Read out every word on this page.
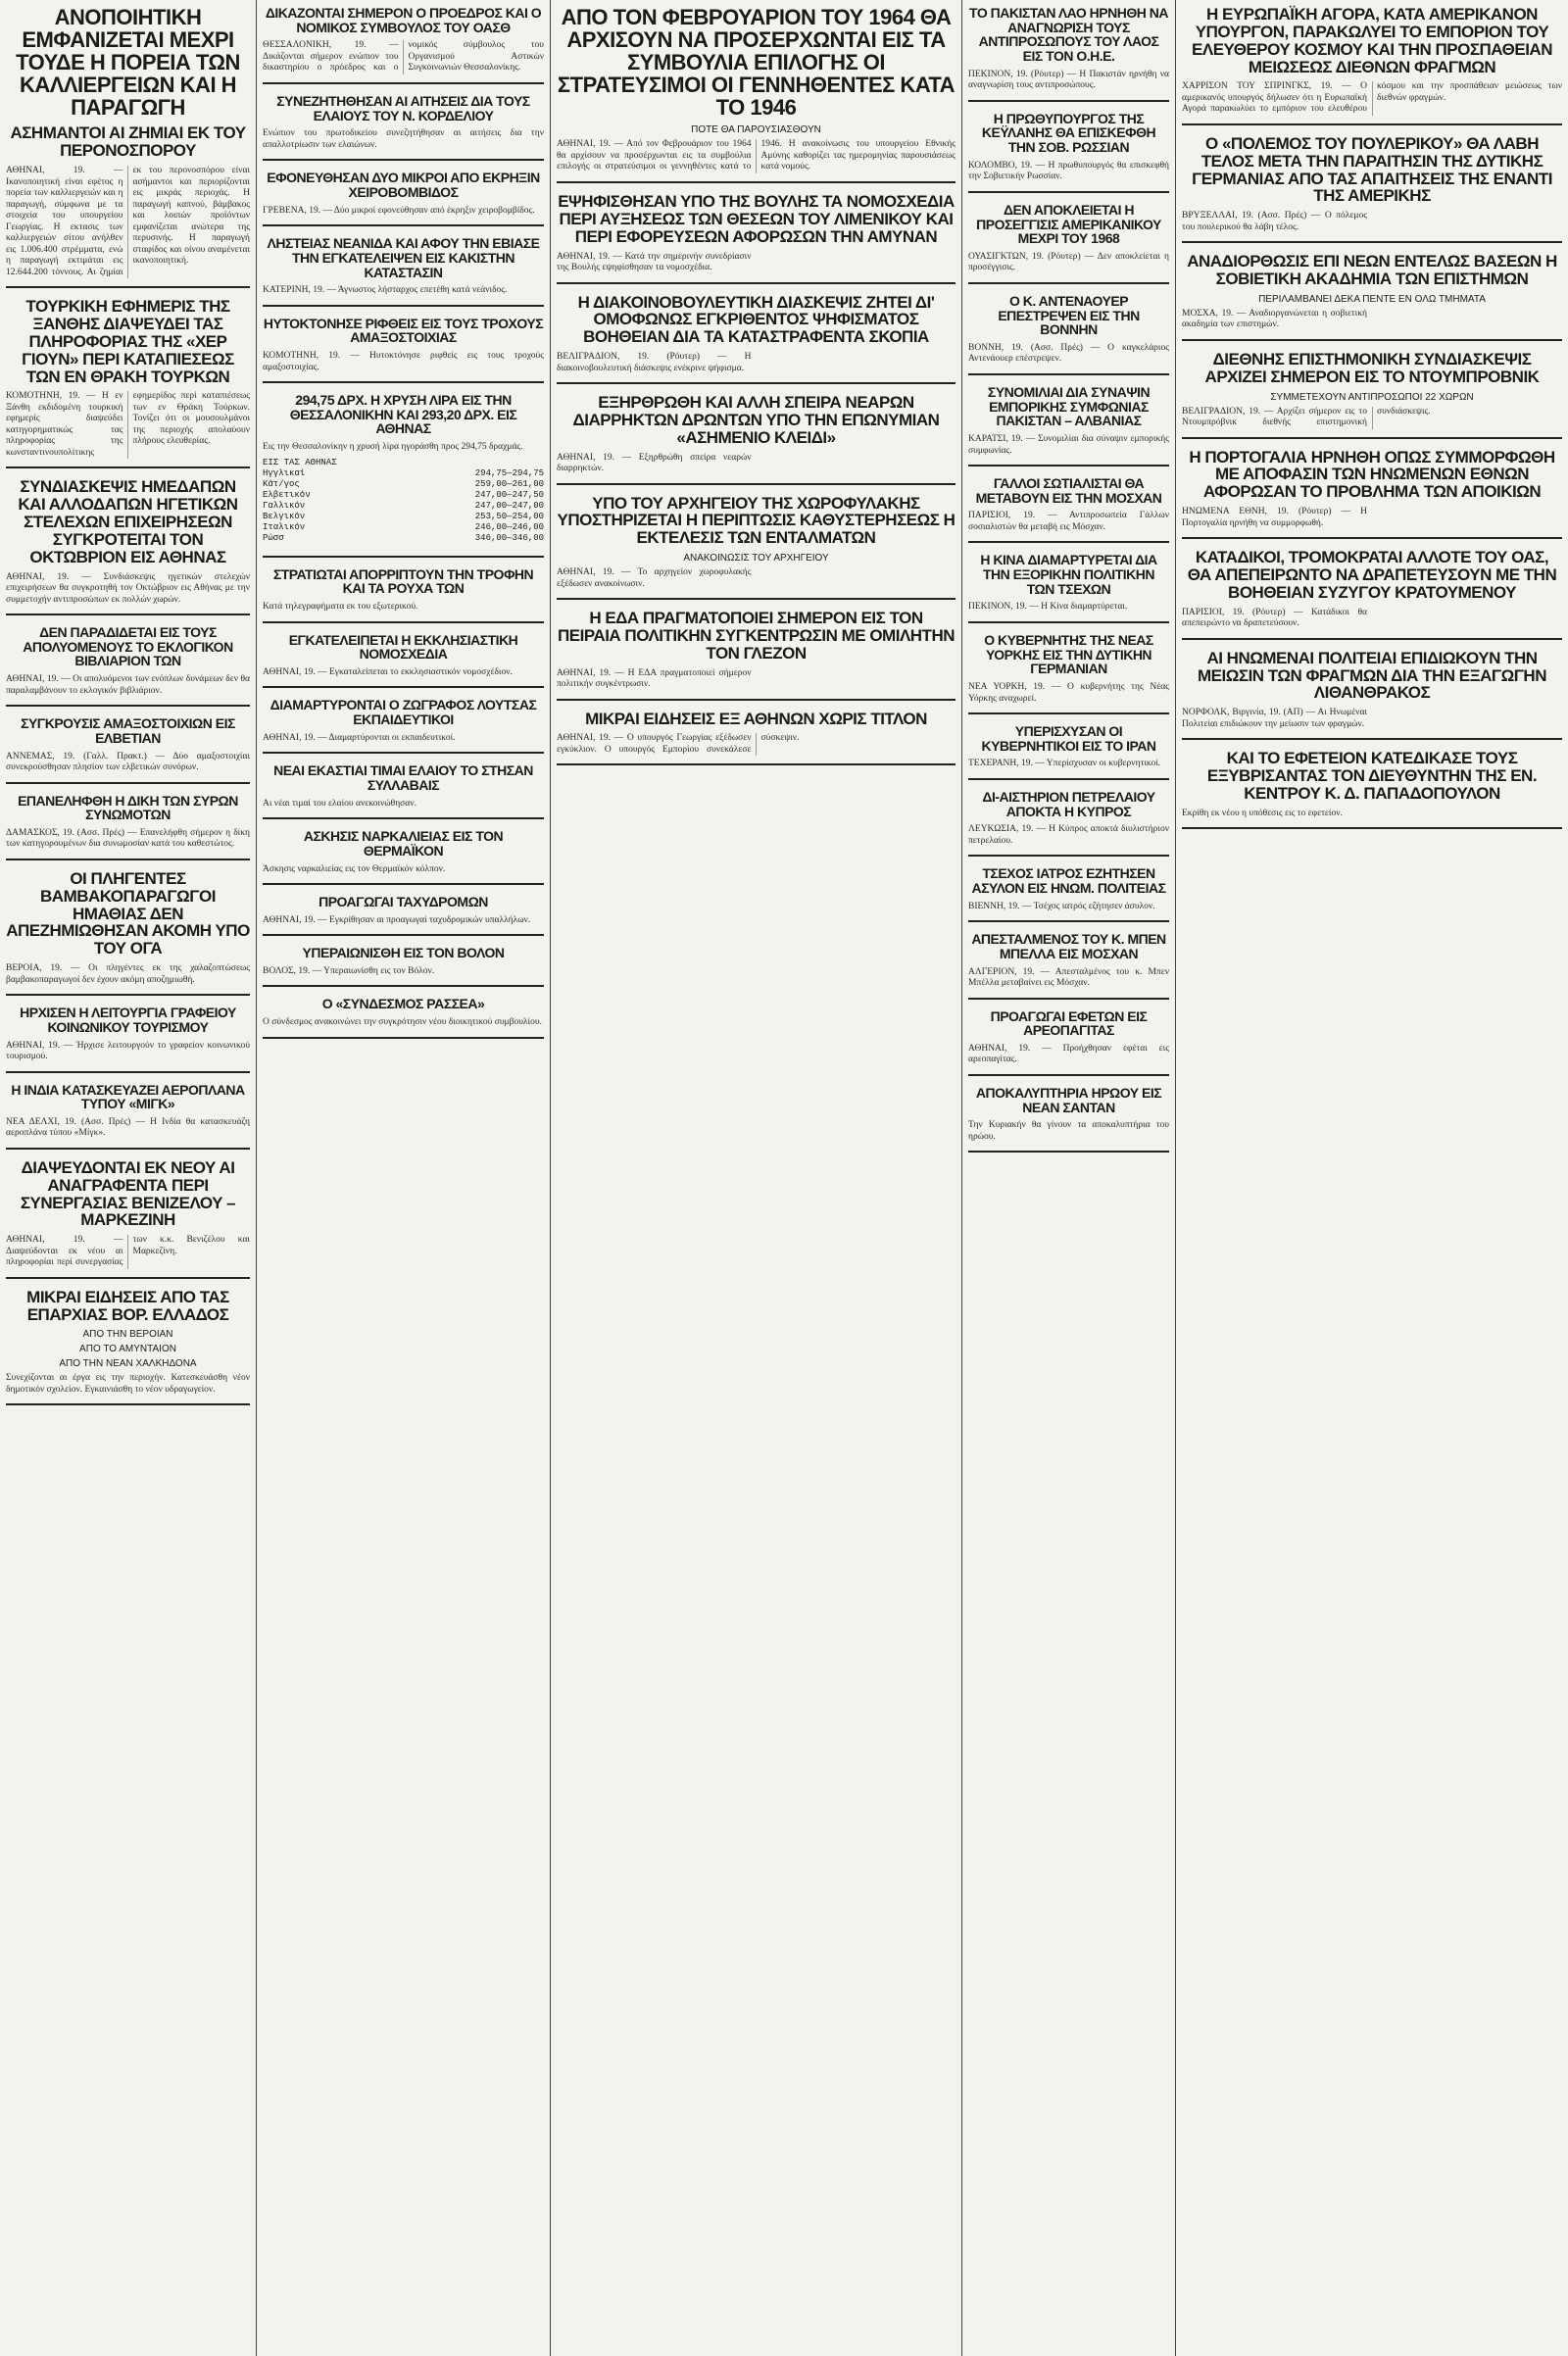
ΑΝΟΠΟΙΗΤΙΚΗ ΕΜΦΑΝΙΖΕΤΑΙ ΜΕΧΡΙ ΤΟΥΔΕ Η ΠΟΡΕΙΑ ΤΩΝ ΚΑΛΛΙΕΡΓΕΙΩΝ ΚΑΙ Η ΠΑΡΑΓΩΓΗ
ΑΣΗΜΑΝΤΟΙ ΑΙ ΖΗΜΙΑΙ ΕΚ ΤΟΥ ΠΕΡΟΝΟΣΠΟΡΟΥ

ΑΘΗΝΑΙ, 19. — Ικανοποιητική είναι εφέτος η πορεία των καλλιεργειών και η παραγωγή, σύμφωνα με τα στοιχεία του υπουργείου Γεωργίας. Η εκτασις των καλλιεργειών σίτου ανήλθεν εις 1.006.400 στρέμματα, ενώ η παραγωγή εκτιμάται εις 12.644.200 τόννους. Αι ζημίαι εκ του περονοσπόρου είναι ασήμαντοι και περιορίζονται εις μικράς περιοχάς. Η παραγωγή καπνού, βάμβακος και λοιπών προϊόντων εμφανίζεται ανώτερα της περυσινής. Η παραγωγή σταφίδος και οίνου αναμένεται ικανοποιητική.

ΤΟΥΡΚΙΚΗ ΕΦΗΜΕΡΙΣ ΤΗΣ ΞΑΝΘΗΣ ΔΙΑΨΕΥΔΕΙ ΤΑΣ ΠΛΗΡΟΦΟΡΙΑΣ ΤΗΣ «ΧΕΡ ΓΙΟΥΝ» ΠΕΡΙ ΚΑΤΑΠΙΕΣΕΩΣ ΤΩΝ ΕΝ ΘΡΑΚΗ ΤΟΥΡΚΩΝ

ΚΟΜΟΤΗΝΗ, 19. — Η εν Ξάνθη εκδιδομένη τουρκική εφημερίς διαψεύδει κατηγορηματικώς τας πληροφορίας της κωνσταντινουπολίτικης εφημερίδος περί καταπιέσεως των εν Θράκη Τούρκων. Τονίζει ότι οι μουσουλμάνοι της περιοχής απολαύουν πλήρους ελευθερίας.

ΣΥΝΔΙΑΣΚΕΨΙΣ ΗΜΕΔΑΠΩΝ ΚΑΙ ΑΛΛΟΔΑΠΩΝ ΗΓΕΤΙΚΩΝ ΣΤΕΛΕΧΩΝ ΕΠΙΧΕΙΡΗΣΕΩΝ ΣΥΓΚΡΟΤΕΙΤΑΙ ΤΟΝ ΟΚΤΩΒΡΙΟΝ ΕΙΣ ΑΘΗΝΑΣ

ΑΘΗΝΑΙ, 19. — Συνδιάσκεψις ηγετικών στελεχών επιχειρήσεων θα συγκροτηθή τον Οκτώβριον εις Αθήνας με την συμμετοχήν αντιπροσώπων εκ πολλών χωρών.

ΔΕΝ ΠΑΡΑΔΙΔΕΤΑΙ ΕΙΣ ΤΟΥΣ ΑΠΟΛΥΟΜΕΝΟΥΣ ΤΟ ΕΚΛΟΓΙΚΟΝ ΒΙΒΛΙΑΡΙΟΝ ΤΩΝ

ΑΘΗΝΑΙ, 19. — Οι απολυόμενοι των ενόπλων δυνάμεων δεν θα παραλαμβάνουν το εκλογικόν βιβλιάριον.

ΣΥΓΚΡΟΥΣΙΣ ΑΜΑΞΟΣΤΟΙΧΙΩΝ ΕΙΣ ΕΛΒΕΤΙΑΝ

ΑΝΝΕΜΑΣ, 19. (Γαλλ. Πρακτ.) — Δύο αμαξοστοιχίαι συνεκρούσθησαν πλησίον των ελβετικών συνόρων.

ΕΠΑΝΕΛΗΦΘΗ Η ΔΙΚΗ ΤΩΝ ΣΥΡΩΝ ΣΥΝΩΜΟΤΩΝ

ΔΑΜΑΣΚΟΣ, 19. (Ασσ. Πρές) — Επανελήφθη σήμερον η δίκη των κατηγορουμένων δια συνωμοσίαν κατά του καθεστώτος.

ΟΙ ΠΛΗΓΕΝΤΕΣ ΒΑΜΒΑΚΟΠΑΡΑΓΩΓΟΙ ΗΜΑΘΙΑΣ ΔΕΝ ΑΠΕΖΗΜΙΩΘΗΣΑΝ ΑΚΟΜΗ ΥΠΟ ΤΟΥ ΟΓΑ

ΒΕΡΟΙΑ, 19. — Οι πληγέντες εκ της χαλαζοπτώσεως βαμβακοπαραγωγοί δεν έχουν ακόμη αποζημιωθή.

ΗΡΧΙΣΕΝ Η ΛΕΙΤΟΥΡΓΙΑ ΓΡΑΦΕΙΟΥ ΚΟΙΝΩΝΙΚΟΥ ΤΟΥΡΙΣΜΟΥ

ΑΘΗΝΑΙ, 19. — Ήρχισε λειτουργούν το γραφείον κοινωνικού τουρισμού.

Η ΙΝΔΙΑ ΚΑΤΑΣΚΕΥΑΖΕΙ ΑΕΡΟΠΛΑΝΑ ΤΥΠΟΥ «ΜΙΓΚ»

ΝΕΑ ΔΕΛΧΙ, 19. (Ασσ. Πρές) — Η Ινδία θα κατασκευάζη αεροπλάνα τύπου «Μίγκ».

ΔΙΑΨΕΥΔΟΝΤΑΙ ΕΚ ΝΕΟΥ ΑΙ ΑΝΑΓΡΑΦΕΝΤΑ ΠΕΡΙ ΣΥΝΕΡΓΑΣΙΑΣ ΒΕΝΙΖΕΛΟΥ – ΜΑΡΚΕΖΙΝΗ

ΑΘΗΝΑΙ, 19. — Διαψεύδονται εκ νέου αι πληροφορίαι περί συνεργασίας των κ.κ. Βενιζέλου και Μαρκεζίνη.

ΜΙΚΡΑΙ ΕΙΔΗΣΕΙΣ ΑΠΟ ΤΑΣ ΕΠΑΡΧΙΑΣ ΒΟΡ. ΕΛΛΑΔΟΣ
ΑΠΟ ΤΗΝ ΒΕΡΟΙΑΝ
ΑΠΟ ΤΟ ΑΜΥΝΤΑΙΟΝ
ΑΠΟ ΤΗΝ ΝΕΑΝ ΧΑΛΚΗΔΟΝΑ

Συνεχίζονται αι έργα εις την περιοχήν. Κατεσκευάσθη νέον δημοτικόν σχολείον. Εγκαινιάσθη το νέον υδραγωγείον.

ΔΙΚΑΖΟΝΤΑΙ ΣΗΜΕΡΟΝ Ο ΠΡΟΕΔΡΟΣ ΚΑΙ Ο ΝΟΜΙΚΟΣ ΣΥΜΒΟΥΛΟΣ ΤΟΥ ΟΑΣΘ

ΘΕΣΣΑΛΟΝΙΚΗ, 19. — Δικάζονται σήμερον ενώπιον του δικαστηρίου ο πρόεδρος και ο νομικός σύμβουλος του Οργανισμού Αστικών Συγκοινωνιών Θεσσαλονίκης.

ΣΥΝΕΖΗΤΗΘΗΣΑΝ ΑΙ ΑΙΤΗΣΕΙΣ ΔΙΑ ΤΟΥΣ ΕΛΑΙΟΥΣ ΤΟΥ Ν. ΚΟΡΔΕΛΙΟΥ

Ενώπιον του πρωτοδικείου συνεζητήθησαν αι αιτήσεις δια την απαλλοτρίωσιν των ελαιώνων.

ΕΦΟΝΕΥΘΗΣΑΝ ΔΥΟ ΜΙΚΡΟΙ ΑΠΟ ΕΚΡΗΞΙΝ ΧΕΙΡΟΒΟΜΒΙΔΟΣ

ΓΡΕΒΕΝΑ, 19. — Δύο μικροί εφονεύθησαν από έκρηξιν χειροβομβίδος.

ΛΗΣΤΕΙΑΣ ΝΕΑΝΙΔΑ ΚΑΙ ΑΦΟΥ ΤΗΝ ΕΒΙΑΣΕ ΤΗΝ ΕΓΚΑΤΕΛΕΙΨΕΝ ΕΙΣ ΚΑΚΙΣΤΗΝ ΚΑΤΑΣΤΑΣΙΝ

ΚΑΤΕΡΙΝΗ, 19. — Άγνωστος λήσταρχος επετέθη κατά νεάνιδος.

ΗΥΤΟΚΤΟΝΗΣΕ ΡΙΦΘΕΙΣ ΕΙΣ ΤΟΥΣ ΤΡΟΧΟΥΣ ΑΜΑΞΟΣΤΟΙΧΙΑΣ

ΚΟΜΟΤΗΝΗ, 19. — Ηυτοκτόνησε ριφθείς εις τους τροχούς αμαξοστοιχίας.

294,75 ΔΡΧ. Η ΧΡΥΣΗ ΛΙΡΑ ΕΙΣ ΤΗΝ ΘΕΣΣΑΛΟΝΙΚΗΝ ΚΑΙ 293,20 ΔΡΧ. ΕΙΣ ΑΘΗΝΑΣ

Εις την Θεσσαλονίκην η χρυσή λίρα ηγοράσθη προς 294,75 δραχμάς.

ΕΙΣ ΤΑΣ ΑΘΗΝΑΣ
Ηγγλικαί	294,75—294,75
Κάτ/γος	259,00—261,00
Ελβετικόν	247,00—247,50
Γαλλικόν	247,00—247,00
Βελγικόν	253,50—254,00
Ιταλικόν	246,00—246,00
Ρώσσ	346,00—346,00
ΣΤΡΑΤΙΩΤΑΙ ΑΠΟΡΡΙΠΤΟΥΝ ΤΗΝ ΤΡΟΦΗΝ ΚΑΙ ΤΑ ΡΟΥΧΑ ΤΩΝ

Κατά τηλεγραφήματα εκ του εξωτερικού.

ΕΓΚΑΤΕΛΕΙΠΕΤΑΙ Η ΕΚΚΛΗΣΙΑΣΤΙΚΗ ΝΟΜΟΣΧΕΔΙΑ

ΑΘΗΝΑΙ, 19. — Εγκαταλείπεται το εκκλησιαστικόν νομοσχέδιον.

ΔΙΑΜΑΡΤΥΡΟΝΤΑΙ Ο ΖΩΓΡΑΦΟΣ ΛΟΥΤΣΑΣ ΕΚΠΑΙΔΕΥΤΙΚΟΙ

ΑΘΗΝΑΙ, 19. — Διαμαρτύρονται οι εκπαιδευτικοί.

ΝΕΑΙ ΕΚΑΣΤΙΑΙ ΤΙΜΑΙ ΕΛΑΙΟΥ ΤΟ ΣΤΗΣΑΝ ΣΥΛΛΑΒΑΙΣ

Αι νέαι τιμαί του ελαίου ανεκοινώθησαν.

ΑΣΚΗΣΙΣ ΝΑΡΚΑΛΙΕΙΑΣ ΕΙΣ ΤΟΝ ΘΕΡΜΑΪΚΟΝ

Άσκησις ναρκαλιείας εις τον Θερμαϊκόν κόλπον.

ΠΡΟΑΓΩΓΑΙ ΤΑΧΥΔΡΟΜΩΝ

ΑΘΗΝΑΙ, 19. — Εγκρίθησαν αι προαγωγαί ταχυδρομικών υπαλλήλων.

ΥΠΕΡΑΙΩΝΙΣΘΗ ΕΙΣ ΤΟΝ ΒΟΛΟΝ

ΒΟΛΟΣ, 19. — Υπεραιωνίσθη εις τον Βόλον.

Ο «ΣΥΝΔΕΣΜΟΣ ΡΑΣΣΕΑ»

Ο σύνδεσμος ανακοινώνει την συγκρότησιν νέου διοικητικού συμβουλίου.

ΑΠΟ ΤΟΝ ΦΕΒΡΟΥΑΡΙΟΝ ΤΟΥ 1964 ΘΑ ΑΡΧΙΣΟΥΝ ΝΑ ΠΡΟΣΕΡΧΩΝΤΑΙ ΕΙΣ ΤΑ ΣΥΜΒΟΥΛΙΑ ΕΠΙΛΟΓΗΣ ΟΙ ΣΤΡΑΤΕΥΣΙΜΟΙ ΟΙ ΓΕΝΝΗΘΕΝΤΕΣ ΚΑΤΑ ΤΟ 1946
ΠΟΤΕ ΘΑ ΠΑΡΟΥΣΙΑΣΘΟΥΝ

ΑΘΗΝΑΙ, 19. — Από τον Φεβρουάριον του 1964 θα αρχίσουν να προσέρχωνται εις τα συμβούλια επιλογής οι στρατεύσιμοι οι γεννηθέντες κατά το 1946. Η ανακοίνωσις του υπουργείου Εθνικής Αμύνης καθορίζει τας ημερομηνίας παρουσιάσεως κατά νομούς.

ΕΨΗΦΙΣΘΗΣΑΝ ΥΠΟ ΤΗΣ ΒΟΥΛΗΣ ΤΑ ΝΟΜΟΣΧΕΔΙΑ ΠΕΡΙ ΑΥΞΗΣΕΩΣ ΤΩΝ ΘΕΣΕΩΝ ΤΟΥ ΛΙΜΕΝΙΚΟΥ ΚΑΙ ΠΕΡΙ ΕΦΟΡΕΥΣΕΩΝ ΑΦΟΡΩΣΩΝ ΤΗΝ ΑΜΥΝΑΝ

ΑΘΗΝΑΙ, 19. — Κατά την σημερινήν συνεδρίασιν της Βουλής εψηφίσθησαν τα νομοσχέδια.

Η ΔΙΑΚΟΙΝΟΒΟΥΛΕΥΤΙΚΗ ΔΙΑΣΚΕΨΙΣ ΖΗΤΕΙ ΔΙ' ΟΜΟΦΩΝΩΣ ΕΓΚΡΙΘΕΝΤΟΣ ΨΗΦΙΣΜΑΤΟΣ ΒΟΗΘΕΙΑΝ ΔΙΑ ΤΑ ΚΑΤΑΣΤΡΑΦΕΝΤΑ ΣΚΟΠΙΑ

ΒΕΛΙΓΡΑΔΙΟΝ, 19. (Ρόυτερ) — Η διακοινοβουλευτική διάσκεψις ενέκρινε ψήφισμα.

ΕΞΗΡΘΡΩΘΗ ΚΑΙ ΑΛΛΗ ΣΠΕΙΡΑ ΝΕΑΡΩΝ ΔΙΑΡΡΗΚΤΩΝ ΔΡΩΝΤΩΝ ΥΠΟ ΤΗΝ ΕΠΩΝΥΜΙΑΝ «ΑΣΗΜΕΝΙΟ ΚΛΕΙΔΙ»

ΑΘΗΝΑΙ, 19. — Εξηρθρώθη σπείρα νεαρών διαρρηκτών.

ΥΠΟ ΤΟΥ ΑΡΧΗΓΕΙΟΥ ΤΗΣ ΧΩΡΟΦΥΛΑΚΗΣ ΥΠΟΣΤΗΡΙΖΕΤΑΙ Η ΠΕΡΙΠΤΩΣΙΣ ΚΑΘΥΣΤΕΡΗΣΕΩΣ Η ΕΚΤΕΛΕΣΙΣ ΤΩΝ ΕΝΤΑΛΜΑΤΩΝ
ΑΝΑΚΟΙΝΩΣΙΣ ΤΟΥ ΑΡΧΗΓΕΙΟΥ

ΑΘΗΝΑΙ, 19. — Το αρχηγείον χωροφυλακής εξέδωσεν ανακοίνωσιν.

Η ΕΔΑ ΠΡΑΓΜΑΤΟΠΟΙΕΙ ΣΗΜΕΡΟΝ ΕΙΣ ΤΟΝ ΠΕΙΡΑΙΑ ΠΟΛΙΤΙΚΗΝ ΣΥΓΚΕΝΤΡΩΣΙΝ ΜΕ ΟΜΙΛΗΤΗΝ ΤΟΝ ΓΛΕΖΟΝ

ΑΘΗΝΑΙ, 19. — Η ΕΔΑ πραγματοποιεί σήμερον πολιτικήν συγκέντρωσιν.

ΜΙΚΡΑΙ ΕΙΔΗΣΕΙΣ ΕΞ ΑΘΗΝΩΝ ΧΩΡΙΣ ΤΙΤΛΟΝ

ΑΘΗΝΑΙ, 19. — Ο υπουργός Γεωργίας εξέδωσεν εγκύκλιον. Ο υπουργός Εμπορίου συνεκάλεσε σύσκεψιν.

ΤΟ ΠΑΚΙΣΤΑΝ ΛΑΟ ΗΡΝΗΘΗ ΝΑ ΑΝΑΓΝΩΡΙΣΗ ΤΟΥΣ ΑΝΤΙΠΡΟΣΩΠΟΥΣ ΤΟΥ ΛΑΟΣ ΕΙΣ ΤΟΝ Ο.Η.Ε.

ΠΕΚΙΝΟΝ, 19. (Ρόυτερ) — Η Πακιστάν ηρνήθη να αναγνωρίση τους αντιπροσώπους.

Η ΠΡΩΘΥΠΟΥΡΓΟΣ ΤΗΣ ΚΕΫΛΑΝΗΣ ΘΑ ΕΠΙΣΚΕΦΘΗ ΤΗΝ ΣΟΒ. ΡΩΣΣΙΑΝ

ΚΟΛΟΜΒΟ, 19. — Η πρωθυπουργός θα επισκεφθή την Σοβιετικήν Ρωσσίαν.

ΔΕΝ ΑΠΟΚΛΕΙΕΤΑΙ Η ΠΡΟΣΕΓΓΙΣΙΣ ΑΜΕΡΙΚΑΝΙΚΟΥ ΜΕΧΡΙ ΤΟΥ 1968

ΟΥΑΣΙΓΚΤΩΝ, 19. (Ρόυτερ) — Δεν αποκλείεται η προσέγγισις.

Ο Κ. ΑΝΤΕΝΑΟΥΕΡ ΕΠΕΣΤΡΕΨΕΝ ΕΙΣ ΤΗΝ ΒΟΝΝΗΝ

ΒΟΝΝΗ, 19. (Ασσ. Πρές) — Ο καγκελάριος Αντενάουερ επέστρεψεν.

ΣΥΝΟΜΙΛΙΑΙ ΔΙΑ ΣΥΝΑΨΙΝ ΕΜΠΟΡΙΚΗΣ ΣΥΜΦΩΝΙΑΣ ΠΑΚΙΣΤΑΝ – ΑΛΒΑΝΙΑΣ

ΚΑΡΑΤΣΙ, 19. — Συνομιλίαι δια σύναψιν εμπορικής συμφωνίας.

ΓΑΛΛΟΙ ΣΩΤΙΑΛΙΣΤΑΙ ΘΑ ΜΕΤΑΒΟΥΝ ΕΙΣ ΤΗΝ ΜΟΣΧΑΝ

ΠΑΡΙΣΙΟΙ, 19. — Αντιπροσωπεία Γάλλων σοσιαλιστών θα μεταβή εις Μόσχαν.

Η ΚΙΝΑ ΔΙΑΜΑΡΤΥΡΕΤΑΙ ΔΙΑ ΤΗΝ ΕΞΟΡΙΚΗΝ ΠΟΛΙΤΙΚΗΝ ΤΩΝ ΤΣΕΧΩΝ

ΠΕΚΙΝΟΝ, 19. — Η Κίνα διαμαρτύρεται.

Ο ΚΥΒΕΡΝΗΤΗΣ ΤΗΣ ΝΕΑΣ ΥΟΡΚΗΣ ΕΙΣ ΤΗΝ ΔΥΤΙΚΗΝ ΓΕΡΜΑΝΙΑΝ

ΝΕΑ ΥΟΡΚΗ, 19. — Ο κυβερνήτης της Νέας Υόρκης αναχωρεί.

ΥΠΕΡΙΣΧΥΣΑΝ ΟΙ ΚΥΒΕΡΝΗΤΙΚΟΙ ΕΙΣ ΤΟ ΙΡΑΝ

ΤΕΧΕΡΑΝΗ, 19. — Υπερίσχυσαν οι κυβερνητικοί.

ΔΙ-ΑΙΣΤΗΡΙΟΝ ΠΕΤΡΕΛΑΙΟΥ ΑΠΟΚΤΑ Η ΚΥΠΡΟΣ

ΛΕΥΚΩΣΙΑ, 19. — Η Κύπρος αποκτά διυλιστήριον πετρελαίου.

ΤΣΕΧΟΣ ΙΑΤΡΟΣ ΕΖΗΤΗΣΕΝ ΑΣΥΛΟΝ ΕΙΣ ΗΝΩΜ. ΠΟΛΙΤΕΙΑΣ

ΒΙΕΝΝΗ, 19. — Τσέχος ιατρός εζήτησεν άσυλον.

ΑΠΕΣΤΑΛΜΕΝΟΣ ΤΟΥ Κ. ΜΠΕΝ ΜΠΕΛΛΑ ΕΙΣ ΜΟΣΧΑΝ

ΑΛΓΕΡΙΟΝ, 19. — Απεσταλμένος του κ. Μπεν Μπέλλα μεταβαίνει εις Μόσχαν.

ΠΡΟΑΓΩΓΑΙ ΕΦΕΤΩΝ ΕΙΣ ΑΡΕΟΠΑΓΙΤΑΣ

ΑΘΗΝΑΙ, 19. — Προήχθησαν εφέται εις αρεοπαγίτας.

ΑΠΟΚΑΛΥΠΤΗΡΙΑ ΗΡΩΟΥ ΕΙΣ ΝΕΑΝ ΣΑΝΤΑΝ

Την Κυριακήν θα γίνουν τα αποκαλυπτήρια του ηρώου.

Η ΕΥΡΩΠΑΪΚΗ ΑΓΟΡΑ, ΚΑΤΑ ΑΜΕΡΙΚΑΝΟΝ ΥΠΟΥΡΓΟΝ, ΠΑΡΑΚΩΛΥΕΙ ΤΟ ΕΜΠΟΡΙΟΝ ΤΟΥ ΕΛΕΥΘΕΡΟΥ ΚΟΣΜΟΥ ΚΑΙ ΤΗΝ ΠΡΟΣΠΑΘΕΙΑΝ ΜΕΙΩΣΕΩΣ ΔΙΕΘΝΩΝ ΦΡΑΓΜΩΝ

ΧΑΡΡΙΣΟΝ ΤΟΥ ΣΠΡΙΝΓΚΣ, 19. — Ο αμερικανός υπουργός δήλωσεν ότι η Ευρωπαϊκή Αγορά παρακωλύει το εμπόριον του ελευθέρου κόσμου και την προσπάθειαν μειώσεως των διεθνών φραγμών.

Ο «ΠΟΛΕΜΟΣ ΤΟΥ ΠΟΥΛΕΡΙΚΟΥ» ΘΑ ΛΑΒΗ ΤΕΛΟΣ ΜΕΤΑ ΤΗΝ ΠΑΡΑΙΤΗΣΙΝ ΤΗΣ ΔΥΤΙΚΗΣ ΓΕΡΜΑΝΙΑΣ ΑΠΟ ΤΑΣ ΑΠΑΙΤΗΣΕΙΣ ΤΗΣ ΕΝΑΝΤΙ ΤΗΣ ΑΜΕΡΙΚΗΣ

ΒΡΥΞΕΛΛΑΙ, 19. (Ασσ. Πρές) — Ο πόλεμος του πουλερικού θα λάβη τέλος.

ΑΝΑΔΙΟΡΘΩΣΙΣ ΕΠΙ ΝΕΩΝ ΕΝΤΕΛΩΣ ΒΑΣΕΩΝ Η ΣΟΒΙΕΤΙΚΗ ΑΚΑΔΗΜΙΑ ΤΩΝ ΕΠΙΣΤΗΜΩΝ
ΠΕΡΙΛΑΜΒΑΝΕΙ ΔΕΚΑ ΠΕΝΤΕ ΕΝ ΟΛΩ ΤΜΗΜΑΤΑ

ΜΟΣΧΑ, 19. — Αναδιοργανώνεται η σοβιετική ακαδημία των επιστημών.

ΔΙΕΘΝΗΣ ΕΠΙΣΤΗΜΟΝΙΚΗ ΣΥΝΔΙΑΣΚΕΨΙΣ ΑΡΧΙΖΕΙ ΣΗΜΕΡΟΝ ΕΙΣ ΤΟ ΝΤΟΥΜΠΡΟΒΝΙΚ
ΣΥΜΜΕΤΕΧΟΥΝ ΑΝΤΙΠΡΟΣΩΠΟΙ 22 ΧΩΡΩΝ

ΒΕΛΙΓΡΑΔΙΟΝ, 19. — Αρχίζει σήμερον εις το Ντουμπρόβνικ διεθνής επιστημονική συνδιάσκεψις.

Η ΠΟΡΤΟΓΑΛΙΑ ΗΡΝΗΘΗ ΟΠΩΣ ΣΥΜΜΟΡΦΩΘΗ ΜΕ ΑΠΟΦΑΣΙΝ ΤΩΝ ΗΝΩΜΕΝΩΝ ΕΘΝΩΝ ΑΦΟΡΩΣΑΝ ΤΟ ΠΡΟΒΛΗΜΑ ΤΩΝ ΑΠΟΙΚΙΩΝ

ΗΝΩΜΕΝΑ ΕΘΝΗ, 19. (Ρόυτερ) — Η Πορτογαλία ηρνήθη να συμμορφωθή.

ΚΑΤΑΔΙΚΟΙ, ΤΡΟΜΟΚΡΑΤΑΙ ΑΛΛΟΤΕ ΤΟΥ ΟΑΣ, ΘΑ ΑΠΕΠΕΙΡΩΝΤΟ ΝΑ ΔΡΑΠΕΤΕΥΣΟΥΝ ΜΕ ΤΗΝ ΒΟΗΘΕΙΑΝ ΣΥΖΥΓΟΥ ΚΡΑΤΟΥΜΕΝΟΥ

ΠΑΡΙΣΙΟΙ, 19. (Ρόυτερ) — Κατάδικοι θα απεπειρώντο να δραπετεύσουν.

ΑΙ ΗΝΩΜΕΝΑΙ ΠΟΛΙΤΕΙΑΙ ΕΠΙΔΙΩΚΟΥΝ ΤΗΝ ΜΕΙΩΣΙΝ ΤΩΝ ΦΡΑΓΜΩΝ ΔΙΑ ΤΗΝ ΕΞΑΓΩΓΗΝ ΛΙΘΑΝΘΡΑΚΟΣ

ΝΟΡΦΟΛΚ, Βιργινία, 19. (ΑΠ) — Αι Ηνωμέναι Πολιτείαι επιδιώκουν την μείωσιν των φραγμών.

ΚΑΙ ΤΟ ΕΦΕΤΕΙΟΝ ΚΑΤΕΔΙΚΑΣΕ ΤΟΥΣ ΕΞΥΒΡΙΣΑΝΤΑΣ ΤΟΝ ΔΙΕΥΘΥΝΤΗΝ ΤΗΣ ΕΝ. ΚΕΝΤΡΟΥ Κ. Δ. ΠΑΠΑΔΟΠΟΥΛΟΝ

Εκρίθη εκ νέου η υπόθεσις εις το εφετείον.
